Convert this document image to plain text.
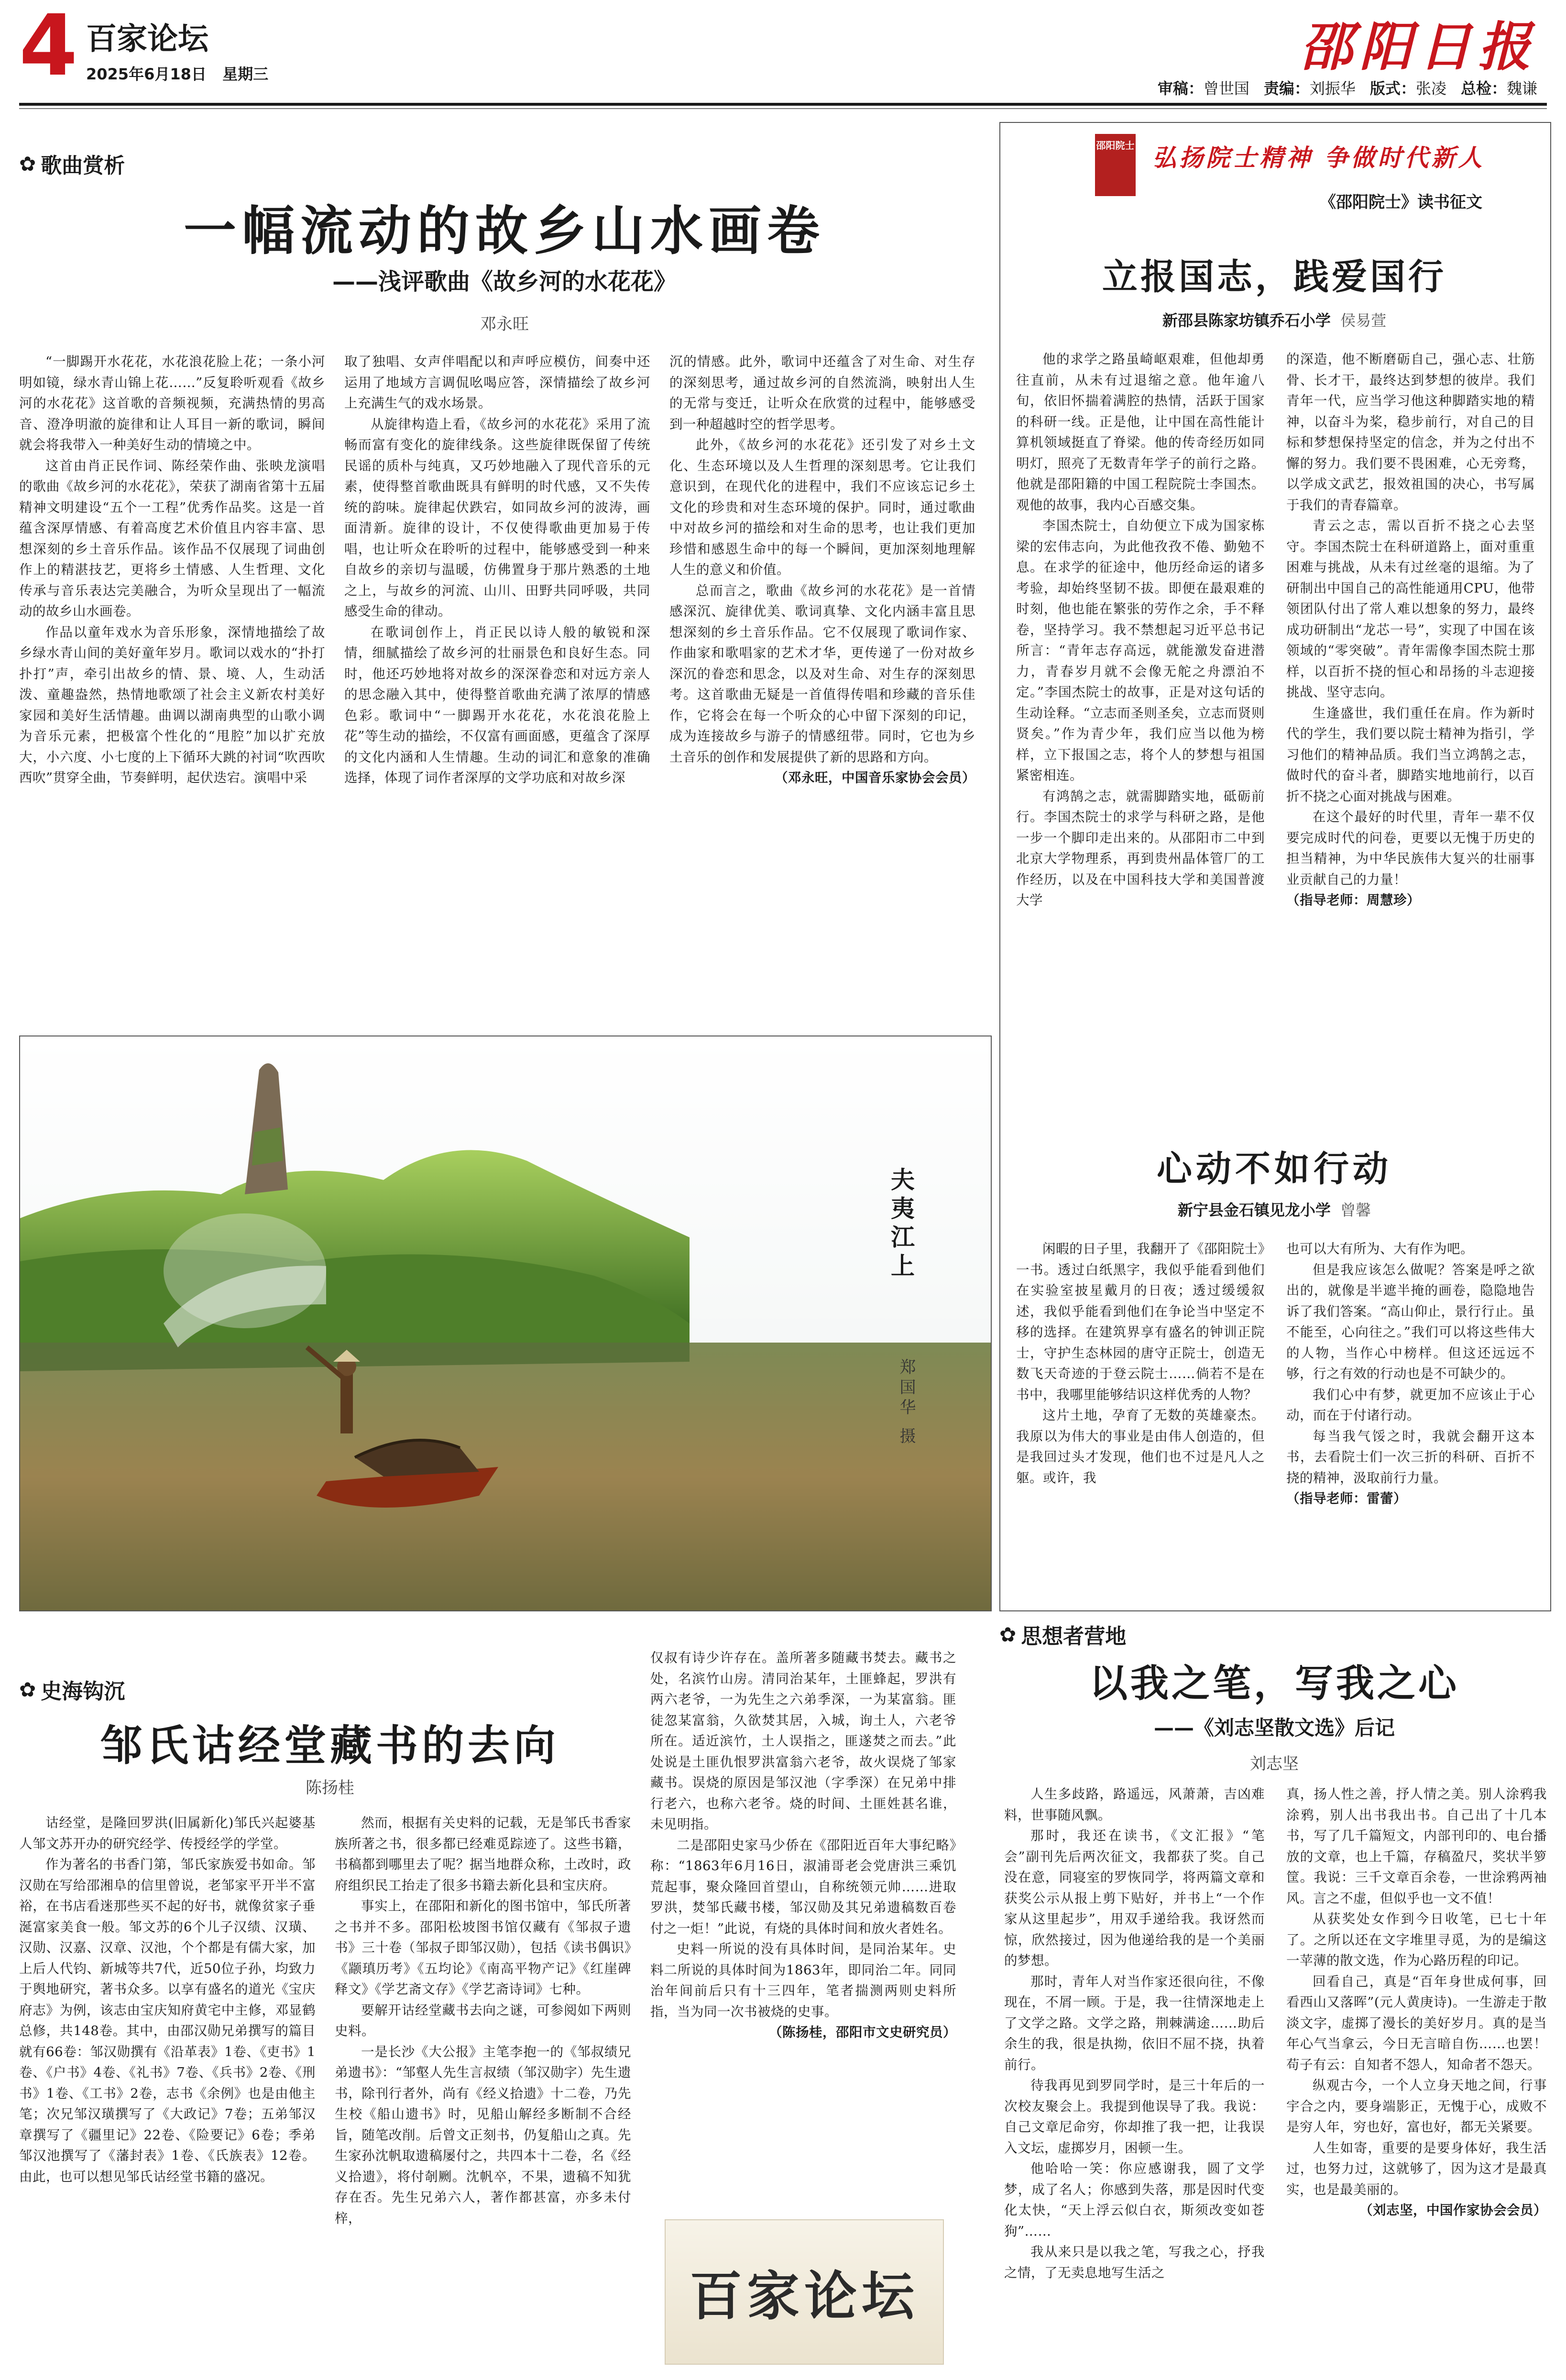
4 百家论坛
2025年6月18日 星期三	邵阳日报
审稿：曾世国 责编：刘振华 版式：张凌 总检：魏谦
✿ 歌曲赏析
一幅流动的故乡山水画卷
——浅评歌曲《故乡河的水花花》
邓永旺

“一脚踢开水花花，水花浪花脸上花；一条小河明如镜，绿水青山锦上花……”反复聆听观看《故乡河的水花花》这首歌的音频视频，充满热情的男高音、澄净明澈的旋律和让人耳目一新的歌词，瞬间就会将我带入一种美好生动的情境之中。

这首由肖正民作词、陈经荣作曲、张映龙演唱的歌曲《故乡河的水花花》，荣获了湖南省第十五届精神文明建设“五个一工程”优秀作品奖。这是一首蕴含深厚情感、有着高度艺术价值且内容丰富、思想深刻的乡土音乐作品。该作品不仅展现了词曲创作上的精湛技艺，更将乡土情感、人生哲理、文化传承与音乐表达完美融合，为听众呈现出了一幅流动的故乡山水画卷。

作品以童年戏水为音乐形象，深情地描绘了故乡绿水青山间的美好童年岁月。歌词以戏水的“扑打扑打”声，牵引出故乡的情、景、境、人，生动活泼、童趣盎然，热情地歌颂了社会主义新农村美好家园和美好生活情趣。曲调以湖南典型的山歌小调为音乐元素，把极富个性化的“甩腔”加以扩充放大，小六度、小七度的上下循环大跳的衬词“吹西吹西吹”贯穿全曲，节奏鲜明，起伏迭宕。演唱中采

取了独唱、女声伴唱配以和声呼应模仿，间奏中还运用了地域方言调侃吆喝应答，深情描绘了故乡河上充满生气的戏水场景。

从旋律构造上看，《故乡河的水花花》采用了流畅而富有变化的旋律线条。这些旋律既保留了传统民谣的质朴与纯真，又巧妙地融入了现代音乐的元素，使得整首歌曲既具有鲜明的时代感，又不失传统的韵味。旋律起伏跌宕，如同故乡河的波涛，画面清新。旋律的设计，不仅使得歌曲更加易于传唱，也让听众在聆听的过程中，能够感受到一种来自故乡的亲切与温暖，仿佛置身于那片熟悉的土地之上，与故乡的河流、山川、田野共同呼吸，共同感受生命的律动。

在歌词创作上，肖正民以诗人般的敏锐和深情，细腻描绘了故乡河的壮丽景色和良好生态。同时，他还巧妙地将对故乡的深深眷恋和对远方亲人的思念融入其中，使得整首歌曲充满了浓厚的情感色彩。歌词中“一脚踢开水花花，水花浪花脸上花”等生动的描绘，不仅富有画面感，更蕴含了深厚的文化内涵和人生情趣。生动的词汇和意象的准确选择，体现了词作者深厚的文学功底和对故乡深

沉的情感。此外，歌词中还蕴含了对生命、对生存的深刻思考，通过故乡河的自然流淌，映射出人生的无常与变迁，让听众在欣赏的过程中，能够感受到一种超越时空的哲学思考。

此外，《故乡河的水花花》还引发了对乡土文化、生态环境以及人生哲理的深刻思考。它让我们意识到，在现代化的进程中，我们不应该忘记乡土文化的珍贵和对生态环境的保护。同时，通过歌曲中对故乡河的描绘和对生命的思考，也让我们更加珍惜和感恩生命中的每一个瞬间，更加深刻地理解人生的意义和价值。

总而言之，歌曲《故乡河的水花花》是一首情感深沉、旋律优美、歌词真挚、文化内涵丰富且思想深刻的乡土音乐作品。它不仅展现了歌词作家、作曲家和歌唱家的艺术才华，更传递了一份对故乡深沉的眷恋和思念，以及对生命、对生存的深刻思考。这首歌曲无疑是一首值得传唱和珍藏的音乐佳作，它将会在每一个听众的心中留下深刻的印记，成为连接故乡与游子的情感纽带。同时，它也为乡土音乐的创作和发展提供了新的思路和方向。

（邓永旺，中国音乐家协会会员）

夫夷江上
郑国华 摄
邵阳院士 弘扬院士精神 争做时代新人
《邵阳院士》读书征文
立报国志，践爱国行
新邵县陈家坊镇乔石小学 侯易萱

他的求学之路虽崎岖艰难，但他却勇往直前，从未有过退缩之意。他年逾八旬，依旧怀揣着满腔的热情，活跃于国家的科研一线。正是他，让中国在高性能计算机领域挺直了脊梁。他的传奇经历如同明灯，照亮了无数青年学子的前行之路。他就是邵阳籍的中国工程院院士李国杰。观他的故事，我内心百感交集。

李国杰院士，自幼便立下成为国家栋梁的宏伟志向，为此他孜孜不倦、勤勉不息。在求学的征途中，他历经命运的诸多考验，却始终坚韧不拔。即便在最艰难的时刻，他也能在繁张的劳作之余，手不释卷，坚持学习。我不禁想起习近平总书记所言：“青年志存高远，就能激发奋进潜力，青春岁月就不会像无舵之舟漂泊不定。”李国杰院士的故事，正是对这句话的生动诠释。“立志而圣则圣矣，立志而贤则贤矣。”作为青少年，我们应当以他为榜样，立下报国之志，将个人的梦想与祖国紧密相连。

有鸿鹄之志，就需脚踏实地，砥砺前行。李国杰院士的求学与科研之路，是他一步一个脚印走出来的。从邵阳市二中到北京大学物理系，再到贵州晶体管厂的工作经历，以及在中国科技大学和美国普渡大学

的深造，他不断磨砺自己，强心志、壮筋骨、长才干，最终达到梦想的彼岸。我们青年一代，应当学习他这种脚踏实地的精神，以奋斗为桨，稳步前行，对自己的目标和梦想保持坚定的信念，并为之付出不懈的努力。我们要不畏困难，心无旁骛，以学成文武艺，报效祖国的决心，书写属于我们的青春篇章。

青云之志，需以百折不挠之心去坚守。李国杰院士在科研道路上，面对重重困难与挑战，从未有过丝毫的退缩。为了研制出中国自己的高性能通用CPU，他带领团队付出了常人难以想象的努力，最终成功研制出“龙芯一号”，实现了中国在该领域的“零突破”。青年需像李国杰院士那样，以百折不挠的恒心和昂扬的斗志迎接挑战、坚守志向。

生逢盛世，我们重任在肩。作为新时代的学生，我们要以院士精神为指引，学习他们的精神品质。我们当立鸿鹄之志，做时代的奋斗者，脚踏实地地前行，以百折不挠之心面对挑战与困难。

在这个最好的时代里，青年一辈不仅要完成时代的问卷，更要以无愧于历史的担当精神，为中华民族伟大复兴的壮丽事业贡献自己的力量！

（指导老师：周慧珍）

心动不如行动
新宁县金石镇见龙小学 曾馨

闲暇的日子里，我翻开了《邵阳院士》一书。透过白纸黑字，我似乎能看到他们在实验室披星戴月的日夜；透过缓缓叙述，我似乎能看到他们在争论当中坚定不移的选择。在建筑界享有盛名的钟训正院士，守护生态林园的唐守正院士，创造无数飞天奇迹的于登云院士……倘若不是在书中，我哪里能够结识这样优秀的人物？

这片土地，孕育了无数的英雄豪杰。我原以为伟大的事业是由伟人创造的，但是我回过头才发现，他们也不过是凡人之躯。或许，我

也可以大有所为、大有作为吧。

但是我应该怎么做呢？答案是呼之欲出的，就像是半遮半掩的画卷，隐隐地告诉了我们答案。“高山仰止，景行行止。虽不能至，心向往之。”我们可以将这些伟大的人物，当作心中榜样。但这还远远不够，行之有效的行动也是不可缺少的。

我们心中有梦，就更加不应该止于心动，而在于付诸行动。

每当我气馁之时，我就会翻开这本书，去看院士们一次三折的科研、百折不挠的精神，汲取前行力量。

（指导老师：雷蕾）

✿ 史海钩沉
邹氏诂经堂藏书的去向
陈扬桂

诂经堂，是隆回罗洪(旧属新化)邹氏兴起婆基人邹文苏开办的研究经学、传授经学的学堂。

作为著名的书香门第，邹氏家族爱书如命。邹汉勋在写给邵湘阜的信里曾说，老邹家平开半不富裕，在书店看迷那些买不起的好书，就像贫家子垂涎富家美食一般。邹文苏的6个儿子汉绩、汉璜、汉勋、汉嘉、汉章、汉池，个个都是有儒大家，加上后人代钧、新城等共7代，近50位子孙，均致力于舆地研究，著书众多。以享有盛名的道光《宝庆府志》为例，该志由宝庆知府黄宅中主修，邓显鹤总修，共148卷。其中，由邵汉勋兄弟撰写的篇目就有66卷：邹汉勋撰有《沿革表》1卷、《吏书》1卷、《户书》4卷、《礼书》7卷、《兵书》2卷、《刑书》1卷、《工书》2卷，志书《余例》也是由他主笔；次兄邹汉璜撰写了《大政记》7卷；五弟邹汉章撰写了《疆里记》22卷、《险要记》6卷；季弟邹汉池撰写了《藩封表》1卷、《氏族表》12卷。由此，也可以想见邹氏诂经堂书籍的盛况。

然而，根据有关史料的记载，无是邹氏书香家族所著之书，很多都已经难觅踪迹了。这些书籍，书稿都到哪里去了呢？据当地群众称，土改时，政府组织民工抬走了很多书籍去新化县和宝庆府。

事实上，在邵阳和新化的图书馆中，邹氏所著之书并不多。邵阳松坡图书馆仅藏有《邹叔子遗书》三十卷（邹叔子即邹汉勋），包括《读书偶识》《颛瑱历考》《五均论》《南高平物产记》《红崖碑释文》《学艺斋文存》《学艺斋诗词》七种。

要解开诂经堂藏书去向之谜，可参阅如下两则史料。

一是长沙《大公报》主笔李抱一的《邹叔绩兄弟遗书》：“邹壑人先生言叔绩（邹汉勋字）先生遗书，除刊行者外，尚有《经义拾遗》十二卷，乃先生校《船山遗书》时，见船山解经多断制不合经旨，随笔改削。后曾文正刻书，仍复船山之真。先生家孙沈帆取遗稿屡付之，共四本十二卷，名《经义拾遗》，将付剞劂。沈帆卒，不果，遗稿不知犹存在否。先生兄弟六人，著作都甚富，亦多未付梓，

仅叔有诗少许存在。盖所著多随藏书焚去。藏书之处，名滨竹山房。清同治某年，土匪蜂起，罗洪有两六老爷，一为先生之六弟季深，一为某富翁。匪徒忽某富翁，久欲焚其居，入城，询土人，六老爷所在。适近滨竹，土人误指之，匪遂焚之而去。”此处说是土匪仇恨罗洪富翁六老爷，故火误烧了邹家藏书。误烧的原因是邹汉池（字季深）在兄弟中排行老六，也称六老爷。烧的时间、土匪姓甚名谁，未见明指。

二是邵阳史家马少侨在《邵阳近百年大事纪略》称：“1863年6月16日，淑浦哥老会党唐洪三乘饥荒起事，聚众隆回首望山，自称统领元帅……进取罗洪，焚邹氏藏书楼，邹汉勋及其兄弟遗稿数百卷付之一炬！”此说，有烧的具体时间和放火者姓名。

史料一所说的没有具体时间，是同治某年。史料二所说的具体时间为1863年，即同治二年。同同治年间前后只有十三四年，笔者揣测两则史料所指，当为同一次书被烧的史事。

（陈扬桂，邵阳市文史研究员）

百家论坛
✿ 思想者营地
以我之笔，写我之心
——《刘志坚散文选》后记
刘志坚

人生多歧路，路遥远，风萧萧，吉凶难料，世事随风飘。

那时，我还在读书，《文汇报》“笔会”副刊先后两次征文，我都获了奖。自己没在意，同寝室的罗恢同学，将两篇文章和获奖公示从报上剪下贴好，并书上“一个作家从这里起步”，用双手递给我。我讶然而惊，欣然接过，因为他递给我的是一个美丽的梦想。

那时，青年人对当作家还很向往，不像现在，不屑一顾。于是，我一往情深地走上了文学之路。文学之路，荆棘满途……助后余生的我，很是执拗，依旧不屈不挠，执着前行。

待我再见到罗同学时，是三十年后的一次校友聚会上。我提到他误导了我。我说：自己文章尼命穷，你却推了我一把，让我误入文坛，虚掷岁月，困顿一生。

他哈哈一笑：你应感谢我，圆了文学梦，成了名人；你感到失落，那是因时代变化太快，“天上浮云似白衣，斯须改变如苍狗”……

我从来只是以我之笔，写我之心，抒我之情，了无卖息地写生活之

真，扬人性之善，抒人情之美。别人涂鸦我涂鸦，别人出书我出书。自己出了十几本书，写了几千篇短文，内部刊印的、电台播放的文章，也上千篇，存稿盈尺，奖状半箩筐。我说：三千文章百余卷，一世涂鸦两袖风。言之不虚，但似乎也一文不值！

从获奖处女作到今日收笔，已七十年了。之所以还在文字堆里寻觅，为的是编这一苹薄的散文选，作为心路历程的印记。

回看自己，真是“百年身世成何事，回看西山又落晖”(元人黄庚诗)。一生游走于散淡文字，虚掷了漫长的美好岁月。真的是当年心气当拿云，今日无言暗自伤……也罢！苟子有云：自知者不怨人，知命者不怨天。

纵观古今，一个人立身天地之间，行事宇合之内，要身端影正，无愧于心，成败不是穷人年，穷也好，富也好，都无关紧要。

人生如寄，重要的是要身体好，我生活过，也努力过，这就够了，因为这才是最真实，也是最美丽的。

（刘志坚，中国作家协会会员）
